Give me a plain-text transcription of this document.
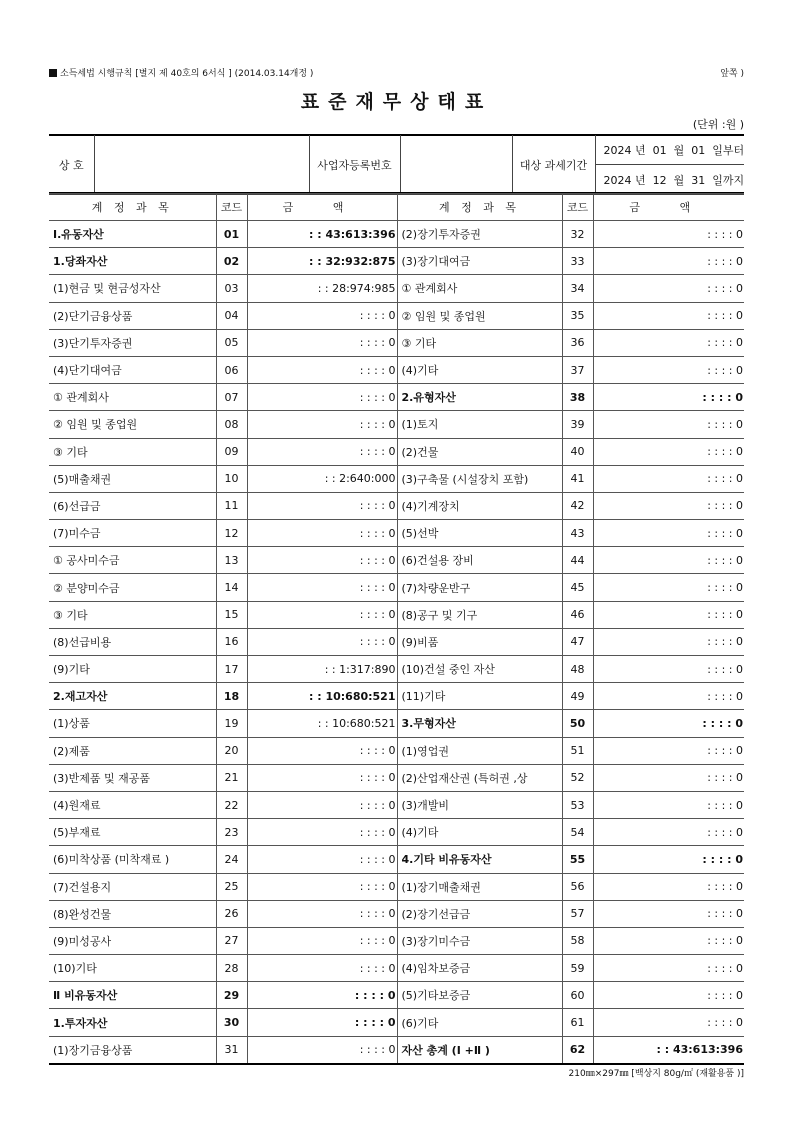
소득세법 시행규칙 [별지 제 40호의 6서식 ] (2014.03.14개정 )	앞쪽 )
표준재무상태표
(단위 :원 )
상 호		사업자등록번호		대상 과세기간	2024 년  01  월  01  일부터
2024 년  12  월  31  일까지
계 정 과 목	코드	금 액	계 정 과 목	코드	금 액
Ⅰ.유동자산	01	: : 43:613:396	(2)장기투자증권	32	: : : : 0
1.당좌자산	02	: : 32:932:875	(3)장기대여금	33	: : : : 0
(1)현금 및 현금성자산	03	: : 28:974:985	① 관계회사	34	: : : : 0
(2)단기금융상품	04	: : : : 0	② 임원 및 종업원	35	: : : : 0
(3)단기투자증권	05	: : : : 0	③ 기타	36	: : : : 0
(4)단기대여금	06	: : : : 0	(4)기타	37	: : : : 0
① 관계회사	07	: : : : 0	2.유형자산	38	: : : : 0
② 임원 및 종업원	08	: : : : 0	(1)토지	39	: : : : 0
③ 기타	09	: : : : 0	(2)건물	40	: : : : 0
(5)매출채권	10	: : 2:640:000	(3)구축물 (시설장치 포함)	41	: : : : 0
(6)선급금	11	: : : : 0	(4)기계장치	42	: : : : 0
(7)미수금	12	: : : : 0	(5)선박	43	: : : : 0
① 공사미수금	13	: : : : 0	(6)건설용 장비	44	: : : : 0
② 분양미수금	14	: : : : 0	(7)차량운반구	45	: : : : 0
③ 기타	15	: : : : 0	(8)공구 및 기구	46	: : : : 0
(8)선급비용	16	: : : : 0	(9)비품	47	: : : : 0
(9)기타	17	: : 1:317:890	(10)건설 중인 자산	48	: : : : 0
2.재고자산	18	: : 10:680:521	(11)기타	49	: : : : 0
(1)상품	19	: : 10:680:521	3.무형자산	50	: : : : 0
(2)제품	20	: : : : 0	(1)영업권	51	: : : : 0
(3)반제품 및 재공품	21	: : : : 0	(2)산업재산권 (특허권 ,상	52	: : : : 0
(4)원재료	22	: : : : 0	(3)개발비	53	: : : : 0
(5)부재료	23	: : : : 0	(4)기타	54	: : : : 0
(6)미착상품 (미착재료 )	24	: : : : 0	4.기타 비유동자산	55	: : : : 0
(7)건설용지	25	: : : : 0	(1)장기매출채권	56	: : : : 0
(8)완성건물	26	: : : : 0	(2)장기선급금	57	: : : : 0
(9)미성공사	27	: : : : 0	(3)장기미수금	58	: : : : 0
(10)기타	28	: : : : 0	(4)임차보증금	59	: : : : 0
Ⅱ 비유동자산	29	: : : : 0	(5)기타보증금	60	: : : : 0
1.투자자산	30	: : : : 0	(6)기타	61	: : : : 0
(1)장기금융상품	31	: : : : 0	자산 총계 (Ⅰ +Ⅱ )	62	: : 43:613:396
210㎜×297㎜ [백상지 80g/㎡ (재활용품 )]
